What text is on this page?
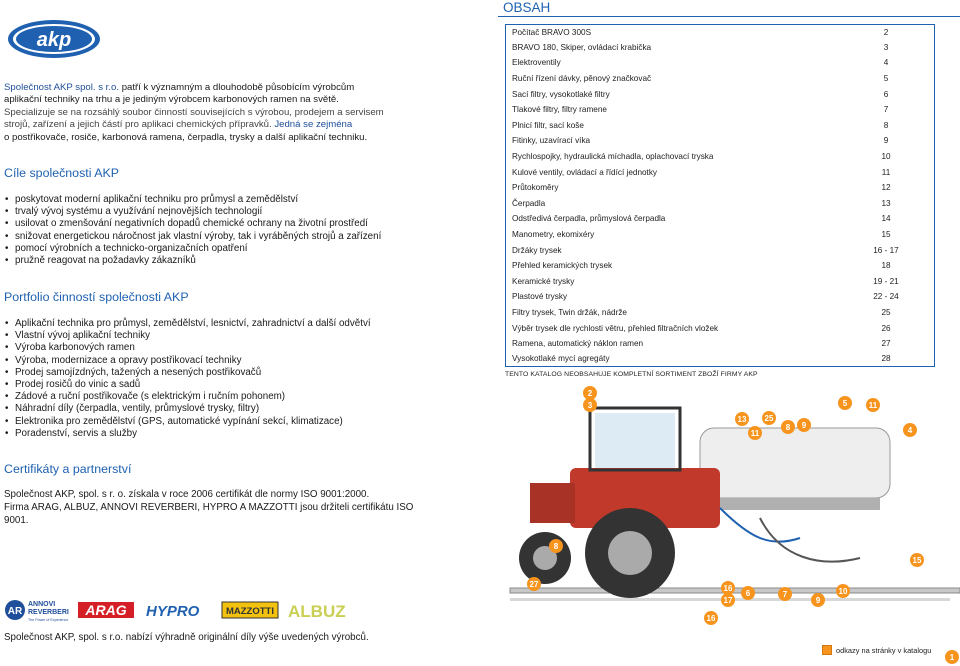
akp
Společnost AKP spol. s r.o. patří k významným a dlouhodobě působícím výrobcům
aplikační techniky na trhu a je jediným výrobcem karbonových ramen na světě.
Specializuje se na rozsáhlý soubor činností souvisejících s výrobou, prodejem a servisem
strojů, zařízení a jejich částí pro aplikaci chemických přípravků. Jedná se zejména
o postřikovače, rosiče, karbonová ramena, čerpadla, trysky a další aplikační techniku.
Cíle společnosti AKP
• poskytovat moderní aplikační techniku pro průmysl a zemědělství
• trvalý vývoj systému a využívání nejnovějších technologií
• usilovat o zmenšování negativních dopadů chemické ochrany na životní prostředí
• snižovat energetickou náročnost jak vlastní výroby, tak i vyráběných strojů a zařízení
• pomocí výrobních a technicko-organizačních opatření
• pružně reagovat na požadavky zákazníků
Portfolio činností společnosti AKP
• Aplikační technika pro průmysl, zemědělství, lesnictví, zahradnictví a další odvětví
• Vlastní vývoj aplikační techniky
• Výroba karbonových ramen
• Výroba, modernizace a opravy postřikovací techniky
• Prodej samojízdných, tažených a nesených postřikovačů
• Prodej rosičů do vinic a sadů
• Zádové a ruční postřikovače (s elektrickým i ručním pohonem)
• Náhradní díly (čerpadla, ventily, průmyslové trysky, filtry)
• Elektronika pro zemědělství (GPS, automatické vypínání sekcí, klimatizace)
• Poradenství, servis a služby
Certifikáty a partnerství
Společnost AKP, spol. s r. o. získala v roce 2006 certifikát dle normy ISO 9001:2000.
Firma ARAG, ALBUZ, ANNOVI REVERBERI, HYPRO A MAZZOTTI jsou držiteli certifikátu ISO 9001.
AR
ANNOVI
REVERBERI
The Power of Experience
ARAG HYPRO	MAZZOTTI ALBUZ
Společnost AKP, spol. s r.o. nabízí výhradně originální díly výše uvedených výrobců.
OBSAH
Počítač BRAVO 300S	2
BRAVO 180, Skiper, ovládací krabička	3
Elektroventily	4
Ruční řízení dávky, pěnový značkovač	5
Sací filtry, vysokotlaké filtry	6
Tlakové filtry, filtry ramene	7
Plnicí filtr, sací koše	8
Fitinky, uzavírací víka	9
Rychlospojky, hydraulická míchadla, oplachovací tryska	10
Kulové ventily, ovládací a řídící jednotky	11
Průtokoměry	12
Čerpadla	13
Odstředivá čerpadla, průmyslová čerpadla	14
Manometry, ekomixéry	15
Držáky trysek	16 - 17
Přehled keramických trysek	18
Keramické trysky	19 - 21
Plastové trysky	22 - 24
Filtry trysek, Twin držák, nádrže	25
Výběr trysek dle rychlosti větru, přehled filtračních vložek	26
Ramena, automatický náklon ramen	27
Vysokotlaké mycí agregáty	28
TENTO KATALOG NEOBSAHUJE KOMPLETNÍ SORTIMENT ZBOŽÍ FIRMY AKP
2
3
13
11
25
8	9
5	11
4
8
15
27	16
17
6	7
9
10
16
odkazy na stránky v katalogu
1
